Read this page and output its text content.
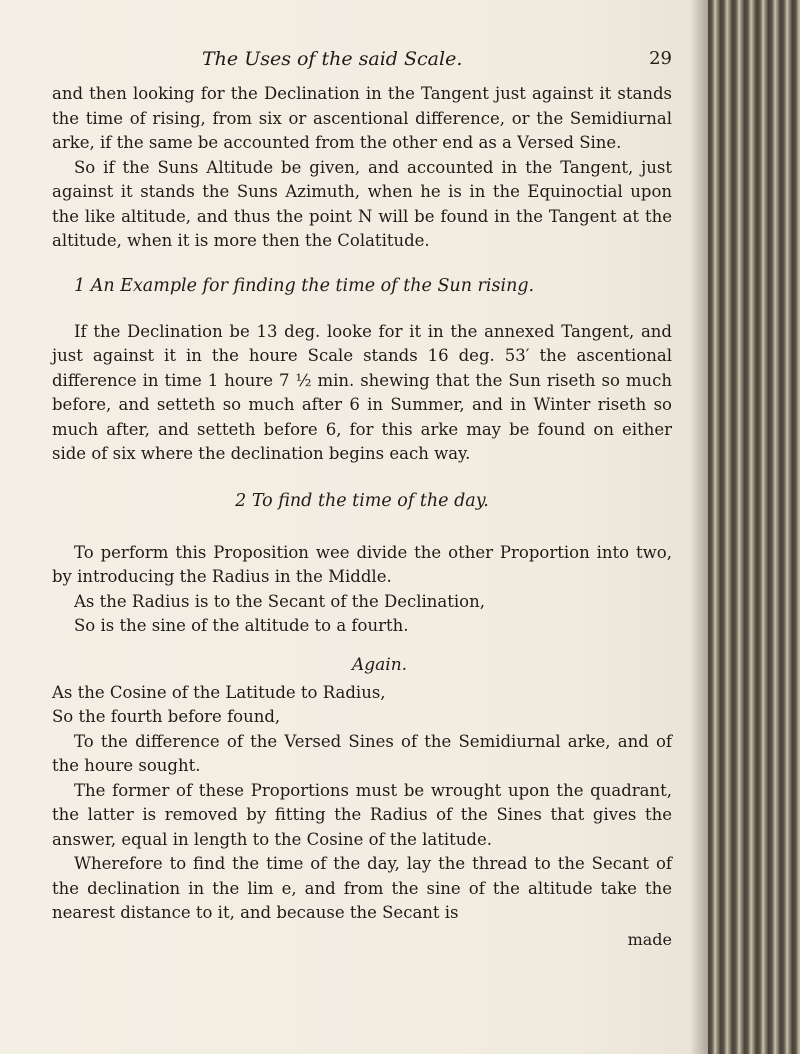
The Uses of the said Scale.	29

and then looking for the Declination in the Tangent just against it stands the time of rising, from six or ascentional difference, or the Semidiurnal arke, if the same be accounted from the other end as a Versed Sine.

So if the Suns Altitude be given, and accounted in the Tangent, just against it stands the Suns Azimuth, when he is in the Equinoctial upon the like altitude, and thus the point N will be found in the Tangent at the altitude, when it is more then the Colatitude.

1 An Example for finding the time of the Sun rising.

If the Declination be 13 deg. looke for it in the annexed Tangent, and just against it in the houre Scale stands 16 deg. 53′ the ascentional difference in time 1 houre 7 ½ min. shewing that the Sun riseth so much before, and setteth so much after 6 in Summer, and in Winter riseth so much after, and setteth before 6, for this arke may be found on either side of six where the declination begins each way.

2 To find the time of the day.

To perform this Proposition wee divide the other Proportion into two, by introducing the Radius in the Middle.

As the Radius is to the Secant of the Declination,

So is the sine of the altitude to a fourth.

Again.

As the Cosine of the Latitude to Radius,

So the fourth before found,

To the difference of the Versed Sines of the Semidiurnal arke, and of the houre sought.

The former of these Proportions must be wrought upon the quadrant, the latter is removed by fitting the Radius of the Sines that gives the answer, equal in length to the Cosine of the latitude.

Wherefore to find the time of the day, lay the thread to the Secant of the declination in the lim e, and from the sine of the altitude take the nearest distance to it, and because the Secant is

made
